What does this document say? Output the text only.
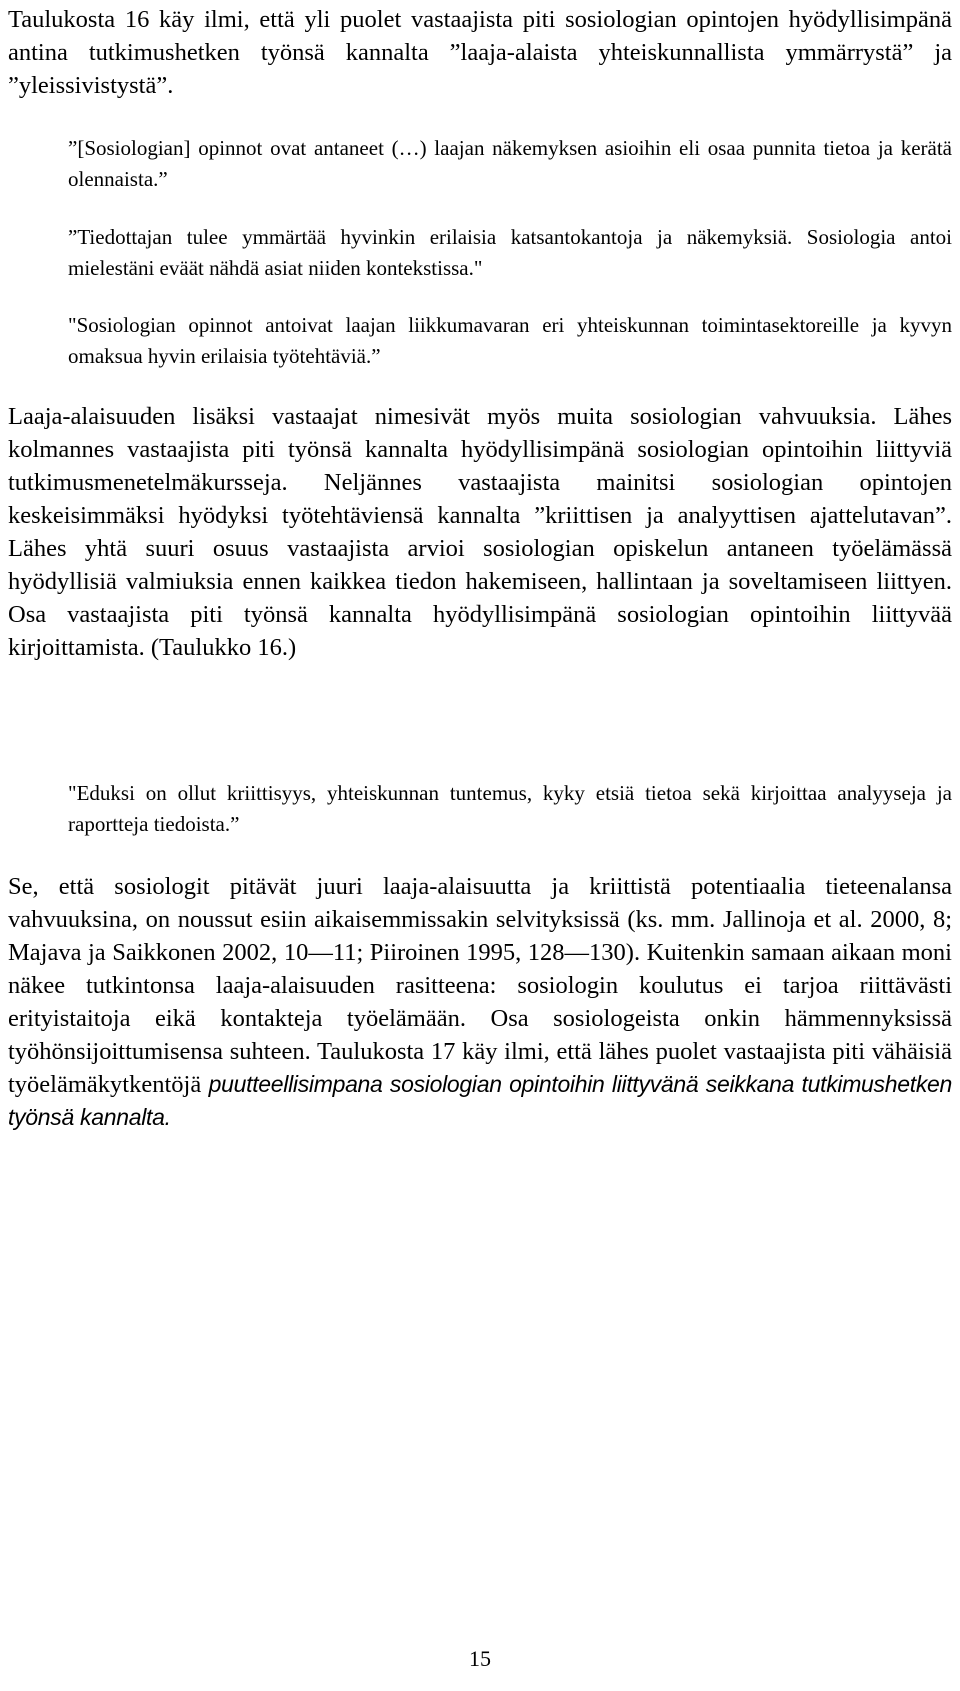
Taulukosta 16 käy ilmi, että yli puolet vastaajista piti sosiologian opintojen hyödyllisimpänä antina tutkimushetken työnsä kannalta ”laaja-alaista yhteiskunnallista ymmärrystä” ja ”yleissivistystä”.

”[Sosiologian] opinnot ovat antaneet (…) laajan näkemyksen asioihin eli osaa punnita tietoa ja kerätä olennaista.”

”Tiedottajan tulee ymmärtää hyvinkin erilaisia katsantokantoja ja näkemyksiä. Sosiologia antoi mielestäni eväät nähdä asiat niiden kontekstissa."

"Sosiologian opinnot antoivat laajan liikkumavaran eri yhteiskunnan toimintasektoreille ja kyvyn omaksua hyvin erilaisia työtehtäviä.”

Laaja-alaisuuden lisäksi vastaajat nimesivät myös muita sosiologian vahvuuksia. Lähes kolmannes vastaajista piti työnsä kannalta hyödyllisimpänä sosiologian opintoihin liittyviä tutkimusmenetelmäkursseja. Neljännes vastaajista mainitsi sosiologian opintojen keskeisimmäksi hyödyksi työtehtäviensä kannalta ”kriittisen ja analyyttisen ajattelutavan”. Lähes yhtä suuri osuus vastaajista arvioi sosiologian opiskelun antaneen työelämässä hyödyllisiä valmiuksia ennen kaikkea tiedon hakemiseen, hallintaan ja soveltamiseen liittyen. Osa vastaajista piti työnsä kannalta hyödyllisimpänä sosiologian opintoihin liittyvää kirjoittamista. (Taulukko 16.)

"Eduksi on ollut kriittisyys, yhteiskunnan tuntemus, kyky etsiä tietoa sekä kirjoittaa analyyseja ja raportteja tiedoista.”

Se, että sosiologit pitävät juuri laaja-alaisuutta ja kriittistä potentiaalia tieteenalansa vahvuuksina, on noussut esiin aikaisemmissakin selvityksissä (ks. mm. Jallinoja et al. 2000, 8; Majava ja Saikkonen 2002, 10—11; Piiroinen 1995, 128—130). Kuitenkin samaan aikaan moni näkee tutkintonsa laaja-alaisuuden rasitteena: sosiologin koulutus ei tarjoa riittävästi erityistaitoja eikä kontakteja työelämään. Osa sosiologeista onkin hämmennyksissä työhönsijoittumisensa suhteen. Taulukosta 17 käy ilmi, että lähes puolet vastaajista piti vähäisiä työelämäkytkentöjä puutteellisimpana sosiologian opintoihin liittyvänä seikkana tutkimushetken työnsä kannalta.

15
